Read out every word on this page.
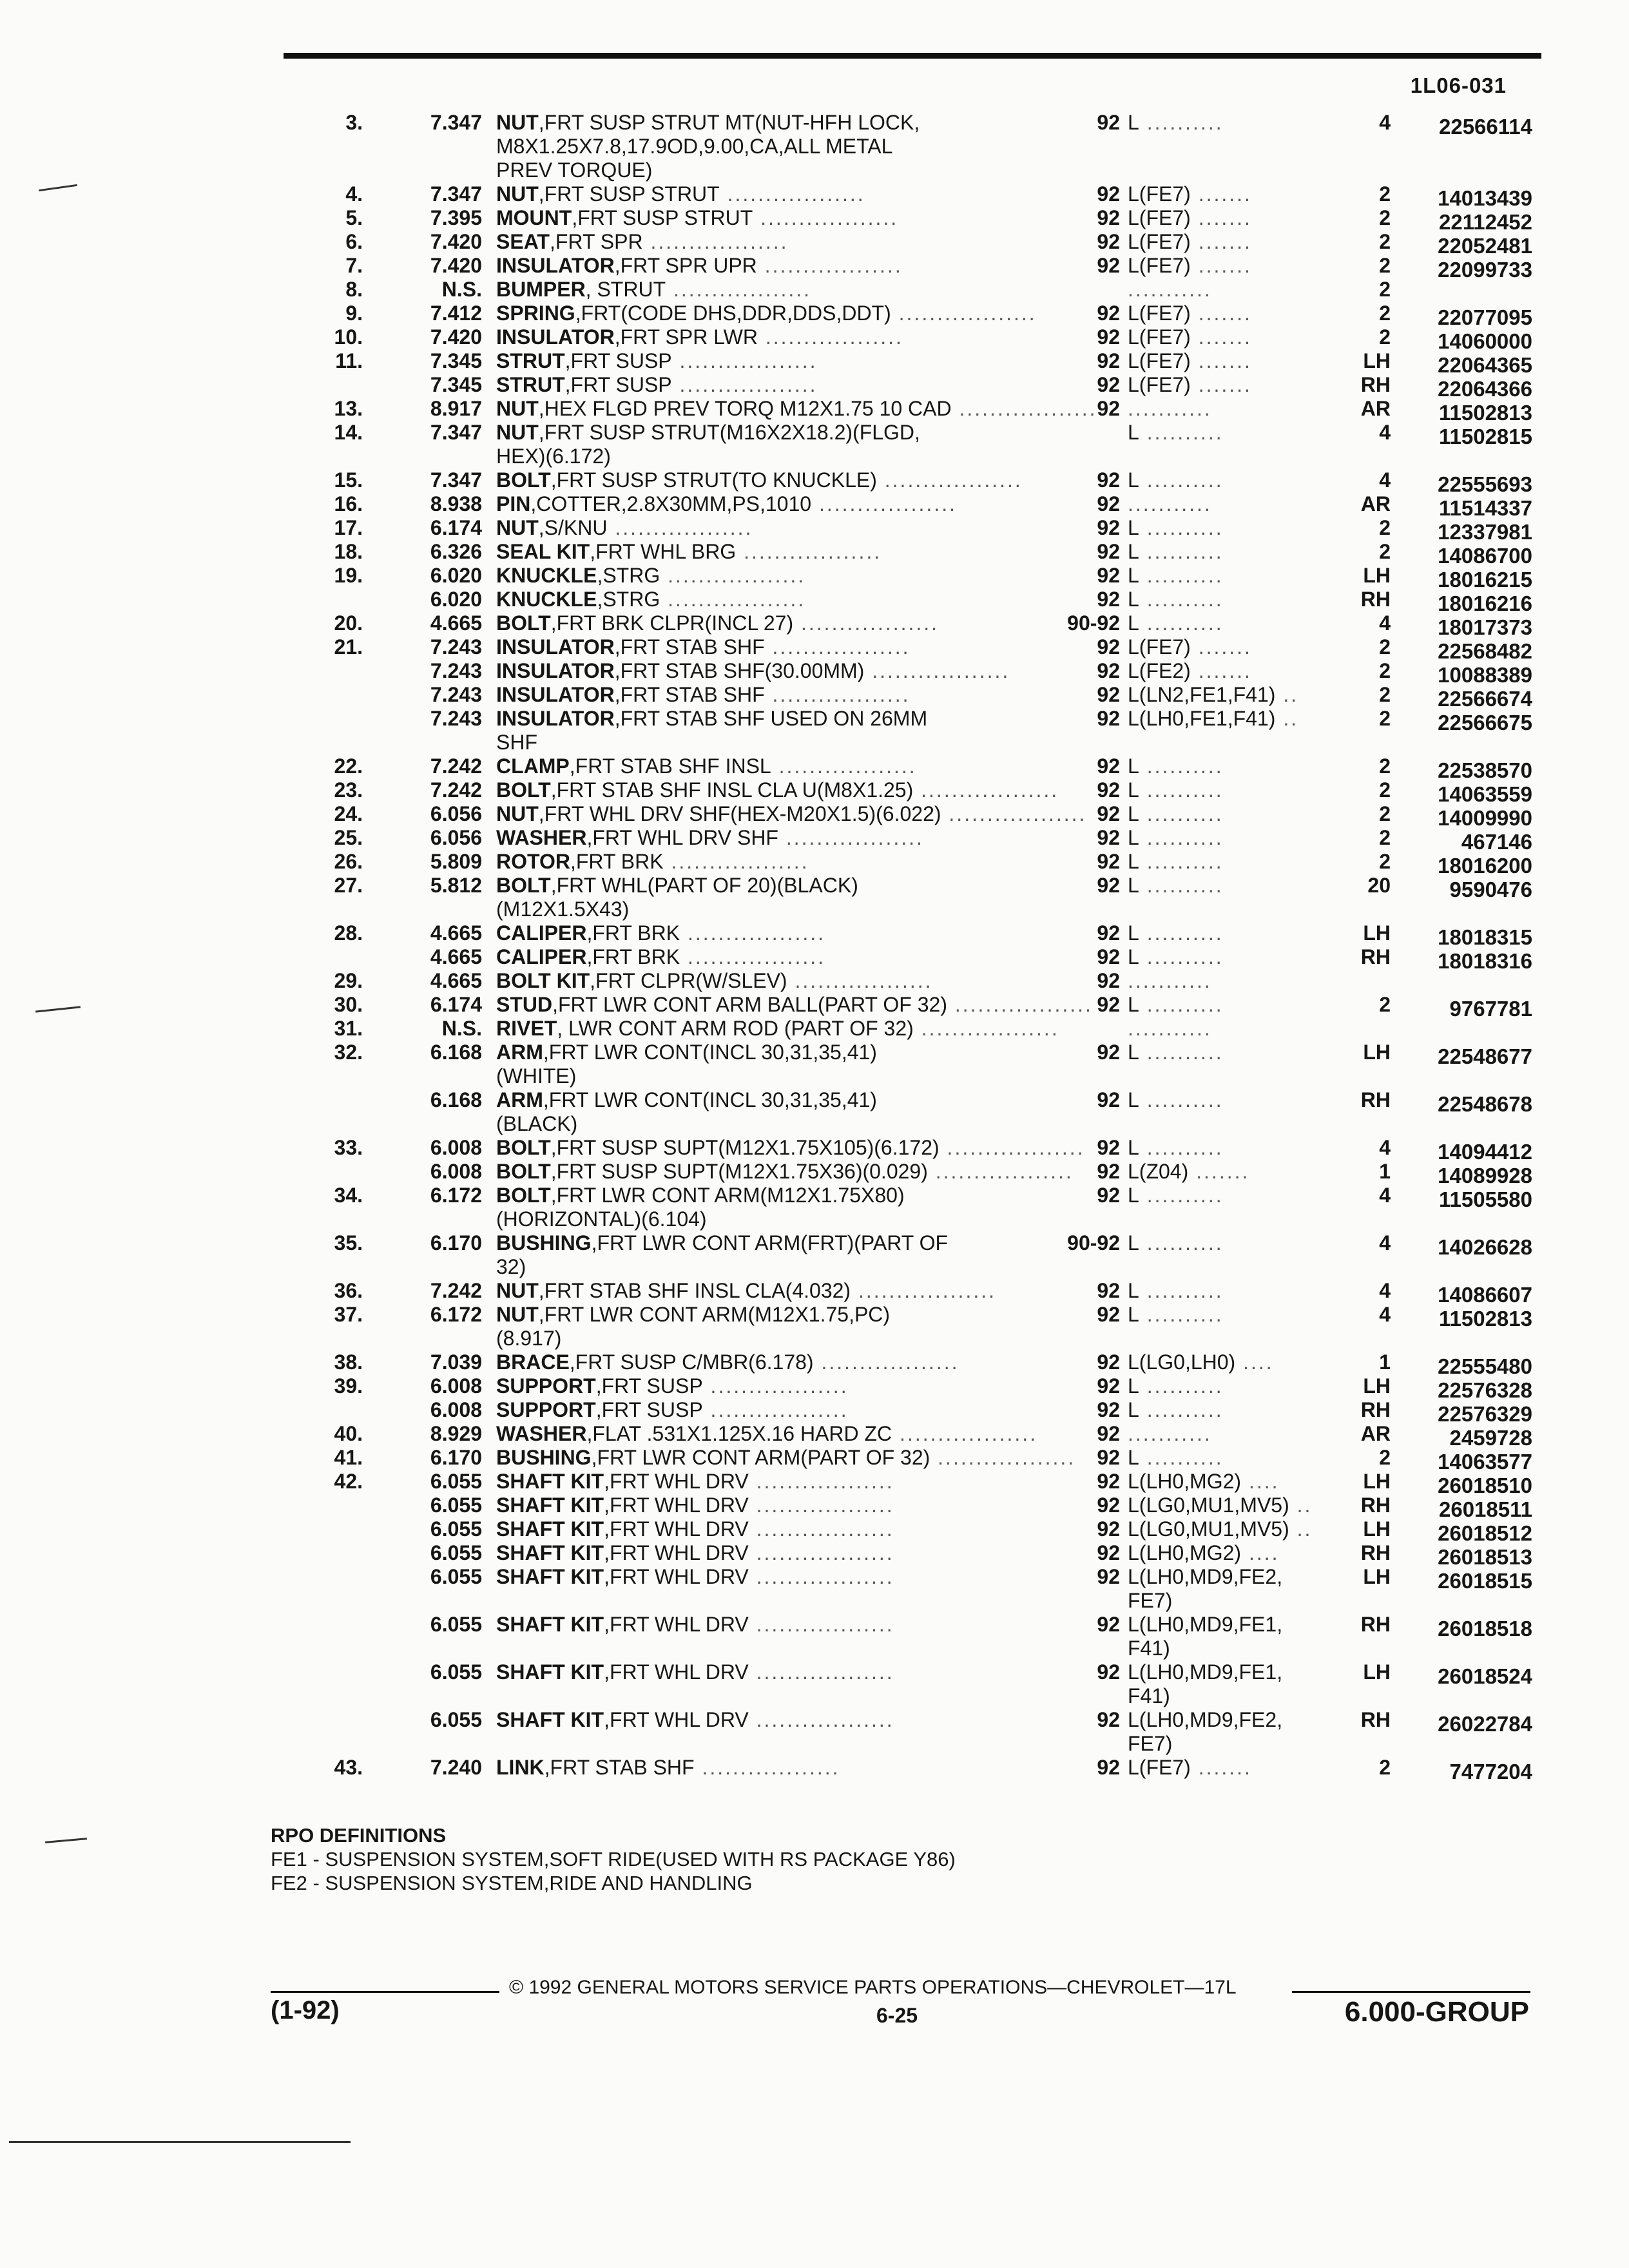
1L06-031
3.	7.347 NUT,FRT SUSP STRUT MT(NUT-HFH LOCK,
M8X1.25X7.8,17.9OD,9.00,CA,ALL METAL
PREV TORQUE)
92 L ..........	4 22566114
4.	7.347 NUT,FRT SUSP STRUT ..................	92 L(FE7) .......	2 14013439
5.	7.395 MOUNT,FRT SUSP STRUT ..................	92 L(FE7) .......	2 22112452
6.	7.420 SEAT,FRT SPR ..................	92 L(FE7) .......	2 22052481
7.	7.420 INSULATOR,FRT SPR UPR ..................	92 L(FE7) .......	2 22099733
8.	N.S. BUMPER, STRUT ..................	...........	2
9.	7.412 SPRING,FRT(CODE DHS,DDR,DDS,DDT) ..................	92 L(FE7) .......	2 22077095
10.	7.420 INSULATOR,FRT SPR LWR ..................	92 L(FE7) .......	2 14060000
11.	7.345 STRUT,FRT SUSP ..................	92 L(FE7) .......	LH 22064365
7.345 STRUT,FRT SUSP ..................	92 L(FE7) .......	RH 22064366
13.	8.917 NUT,HEX FLGD PREV TORQ M12X1.75 10 CAD .................. 92 ...........	AR 11502813
14.	7.347 NUT,FRT SUSP STRUT(M16X2X18.2)(FLGD,
HEX)(6.172)
L ..........	4 11502815
15.	7.347 BOLT,FRT SUSP STRUT(TO KNUCKLE) ..................	92 L ..........	4 22555693
16.	8.938 PIN,COTTER,2.8X30MM,PS,1010 ..................	92 ...........	AR 11514337
17.	6.174 NUT,S/KNU ..................	92 L ..........	2 12337981
18.	6.326 SEAL KIT,FRT WHL BRG ..................	92 L ..........	2 14086700
19.	6.020 KNUCKLE,STRG ..................	92 L ..........	LH 18016215
6.020 KNUCKLE,STRG ..................	92 L ..........	RH 18016216
20.	4.665 BOLT,FRT BRK CLPR(INCL 27) ..................	90-92 L ..........	4 18017373
21.	7.243 INSULATOR,FRT STAB SHF ..................	92 L(FE7) .......	2 22568482
7.243 INSULATOR,FRT STAB SHF(30.00MM) ..................	92 L(FE2) .......	2 10088389
7.243 INSULATOR,FRT STAB SHF ..................	92 L(LN2,FE1,F41) ..	2 22566674
7.243 INSULATOR,FRT STAB SHF USED ON 26MM
SHF
92 L(LH0,FE1,F41) ..	2 22566675
22.	7.242 CLAMP,FRT STAB SHF INSL ..................	92 L ..........	2 22538570
23.	7.242 BOLT,FRT STAB SHF INSL CLA U(M8X1.25) .................. 92 L ..........	2 14063559
24.	6.056 NUT,FRT WHL DRV SHF(HEX-M20X1.5)(6.022) .................. 92 L ..........	2 14009990
25.	6.056 WASHER,FRT WHL DRV SHF ..................	92 L ..........	2	467146
26.	5.809 ROTOR,FRT BRK ..................	92 L ..........	2 18016200
27.	5.812 BOLT,FRT WHL(PART OF 20)(BLACK)
(M12X1.5X43)
92 L ..........	20	9590476
28.	4.665 CALIPER,FRT BRK ..................	92 L ..........	LH 18018315
4.665 CALIPER,FRT BRK ..................	92 L ..........	RH 18018316
29.	4.665 BOLT KIT,FRT CLPR(W/SLEV) ..................	92 ...........
30.	6.174 STUD,FRT LWR CONT ARM BALL(PART OF 32) .................. 92 L ..........	2	9767781
31.	N.S. RIVET, LWR CONT ARM ROD (PART OF 32) ..................	...........
32.	6.168 ARM,FRT LWR CONT(INCL 30,31,35,41)
(WHITE)
92 L ..........	LH 22548677
6.168 ARM,FRT LWR CONT(INCL 30,31,35,41)
(BLACK)
92 L ..........	RH 22548678
33.	6.008 BOLT,FRT SUSP SUPT(M12X1.75X105)(6.172) .................. 92 L ..........	4 14094412
6.008 BOLT,FRT SUSP SUPT(M12X1.75X36)(0.029) .................. 92 L(Z04) .......	1 14089928
34.	6.172 BOLT,FRT LWR CONT ARM(M12X1.75X80)
(HORIZONTAL)(6.104)
92 L ..........	4 11505580
35.	6.170 BUSHING,FRT LWR CONT ARM(FRT)(PART OF
32)
90-92 L ..........	4 14026628
36.	7.242 NUT,FRT STAB SHF INSL CLA(4.032) ..................	92 L ..........	4 14086607
37.	6.172 NUT,FRT LWR CONT ARM(M12X1.75,PC)
(8.917)
92 L ..........	4 11502813
38.	7.039 BRACE,FRT SUSP C/MBR(6.178) ..................	92 L(LG0,LH0) ....	1 22555480
39.	6.008 SUPPORT,FRT SUSP ..................	92 L ..........	LH 22576328
6.008 SUPPORT,FRT SUSP ..................	92 L ..........	RH 22576329
40.	8.929 WASHER,FLAT .531X1.125X.16 HARD ZC ..................	92 ...........	AR	2459728
41.	6.170 BUSHING,FRT LWR CONT ARM(PART OF 32) .................. 92 L ..........	2 14063577
42.	6.055 SHAFT KIT,FRT WHL DRV ..................	92 L(LH0,MG2) ....	LH 26018510
6.055 SHAFT KIT,FRT WHL DRV ..................	92 L(LG0,MU1,MV5) .. RH 26018511
6.055 SHAFT KIT,FRT WHL DRV ..................	92 L(LG0,MU1,MV5) .. LH 26018512
6.055 SHAFT KIT,FRT WHL DRV ..................	92 L(LH0,MG2) ....	RH 26018513
6.055 SHAFT KIT,FRT WHL DRV ..................	92 L(LH0,MD9,FE2,
FE7)
LH 26018515
6.055 SHAFT KIT,FRT WHL DRV ..................	92 L(LH0,MD9,FE1,
F41)
RH 26018518
6.055 SHAFT KIT,FRT WHL DRV ..................	92 L(LH0,MD9,FE1,
F41)
LH 26018524
6.055 SHAFT KIT,FRT WHL DRV ..................	92 L(LH0,MD9,FE2,
FE7)
RH 26022784
43.	7.240 LINK,FRT STAB SHF ..................	92 L(FE7) .......	2	7477204
RPO DEFINITIONS
FE1 - SUSPENSION SYSTEM,SOFT RIDE(USED WITH RS PACKAGE Y86)
FE2 - SUSPENSION SYSTEM,RIDE AND HANDLING
© 1992 GENERAL MOTORS SERVICE PARTS OPERATIONS—CHEVROLET—17L
(1-92)	6-25	6.000-GROUP
